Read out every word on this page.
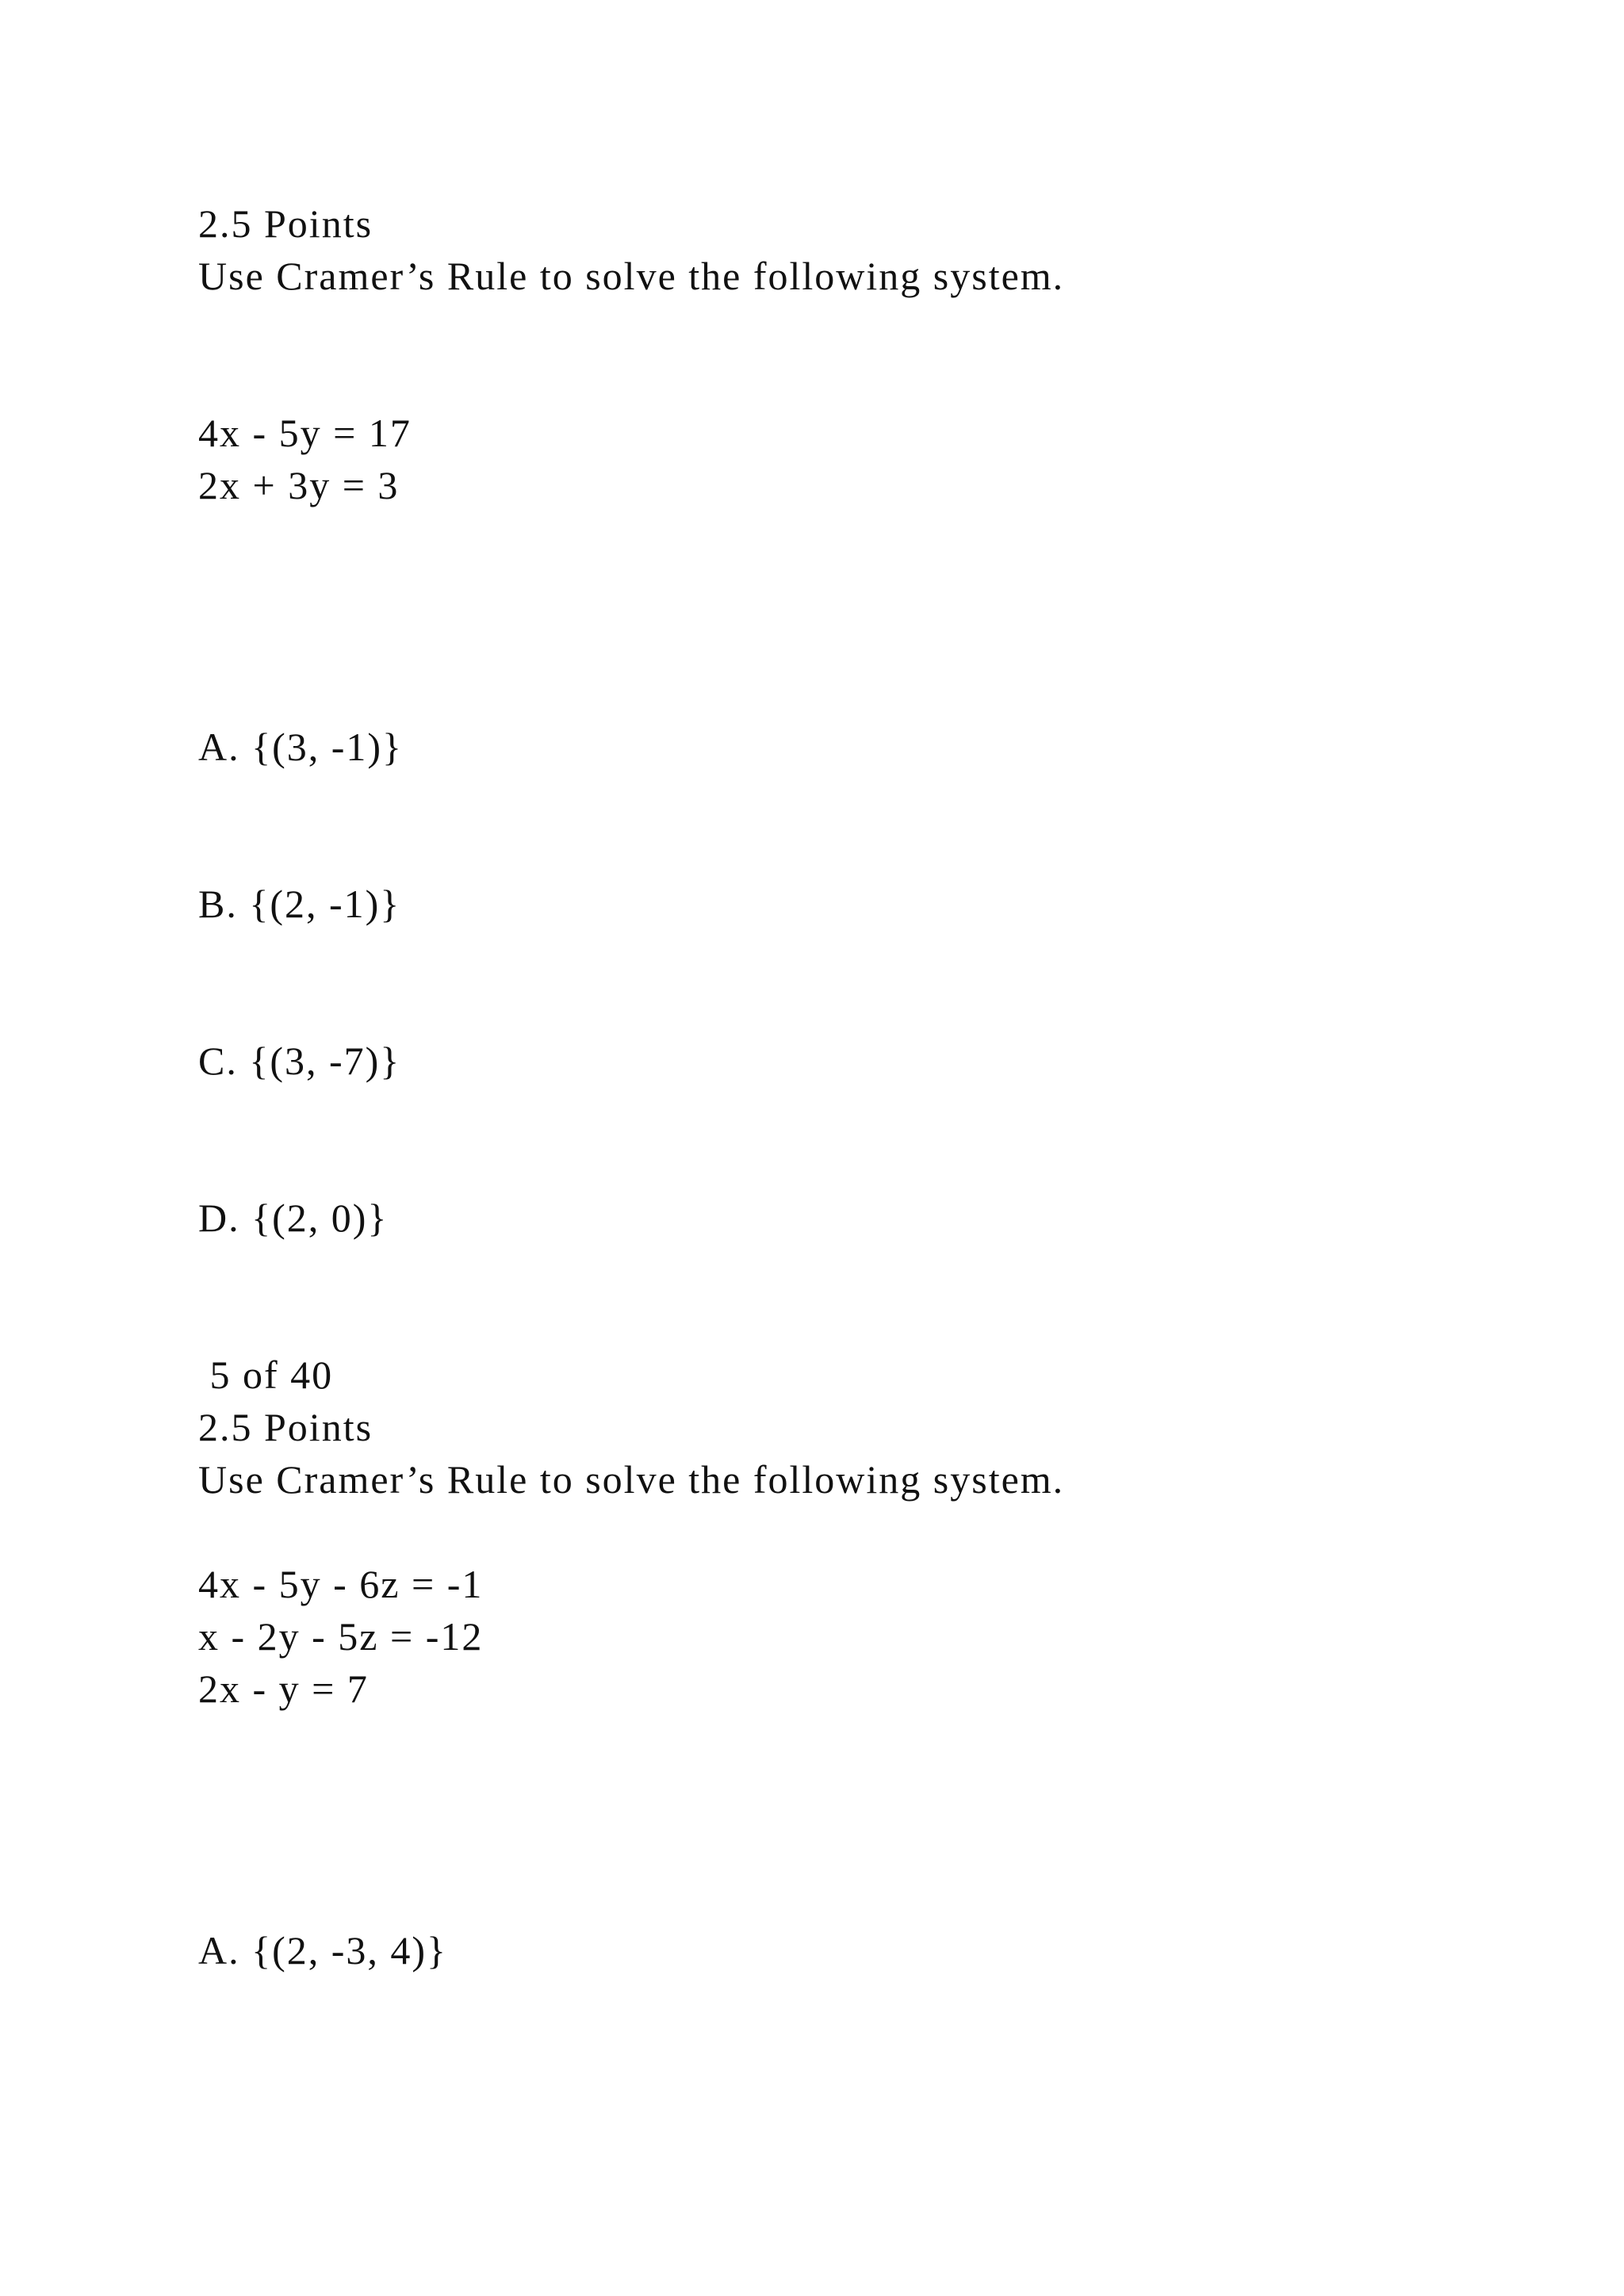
2.5 Points
Use Cramer’s Rule to solve the following system.
4x - 5y = 17
2x + 3y = 3
A. {(3, -1)}
B. {(2, -1)}
C. {(3, -7)}
D. {(2, 0)}
5 of 40
2.5 Points
Use Cramer’s Rule to solve the following system.
4x - 5y - 6z = -1
x - 2y - 5z = -12
2x - y = 7
A. {(2, -3, 4)}
